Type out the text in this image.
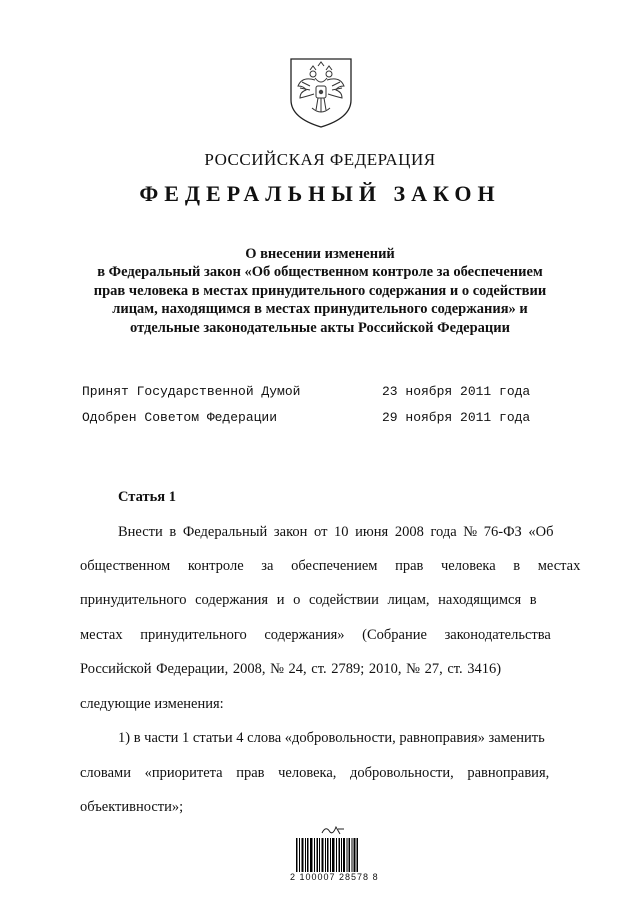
РОССИЙСКАЯ ФЕДЕРАЦИЯ
ФЕДЕРАЛЬНЫЙ ЗАКОН
О внесении изменений
в Федеральный закон «Об общественном контроле за обеспечением
прав человека в местах принудительного содержания и о содействии
лицам, находящимся в местах принудительного содержания» и
отдельные законодательные акты Российской Федерации
Принят Государственной Думой	23 ноября 2011 года
Одобрен Советом Федерации	29 ноября 2011 года
Статья 1
Внести в Федеральный закон от 10 июня 2008 года № 76-ФЗ «Об
общественном контроле за обеспечением прав человека в местах
принудительного содержания и о содействии лицам, находящимся в
местах принудительного содержания» (Собрание законодательства
Российской Федерации, 2008, № 24, ст. 2789; 2010, № 27, ст. 3416)
следующие изменения:
1) в части 1 статьи 4 слова «добровольности, равноправия» заменить
словами «приоритета прав человека, добровольности, равноправия,
объективности»;
2 100007 28578 8
